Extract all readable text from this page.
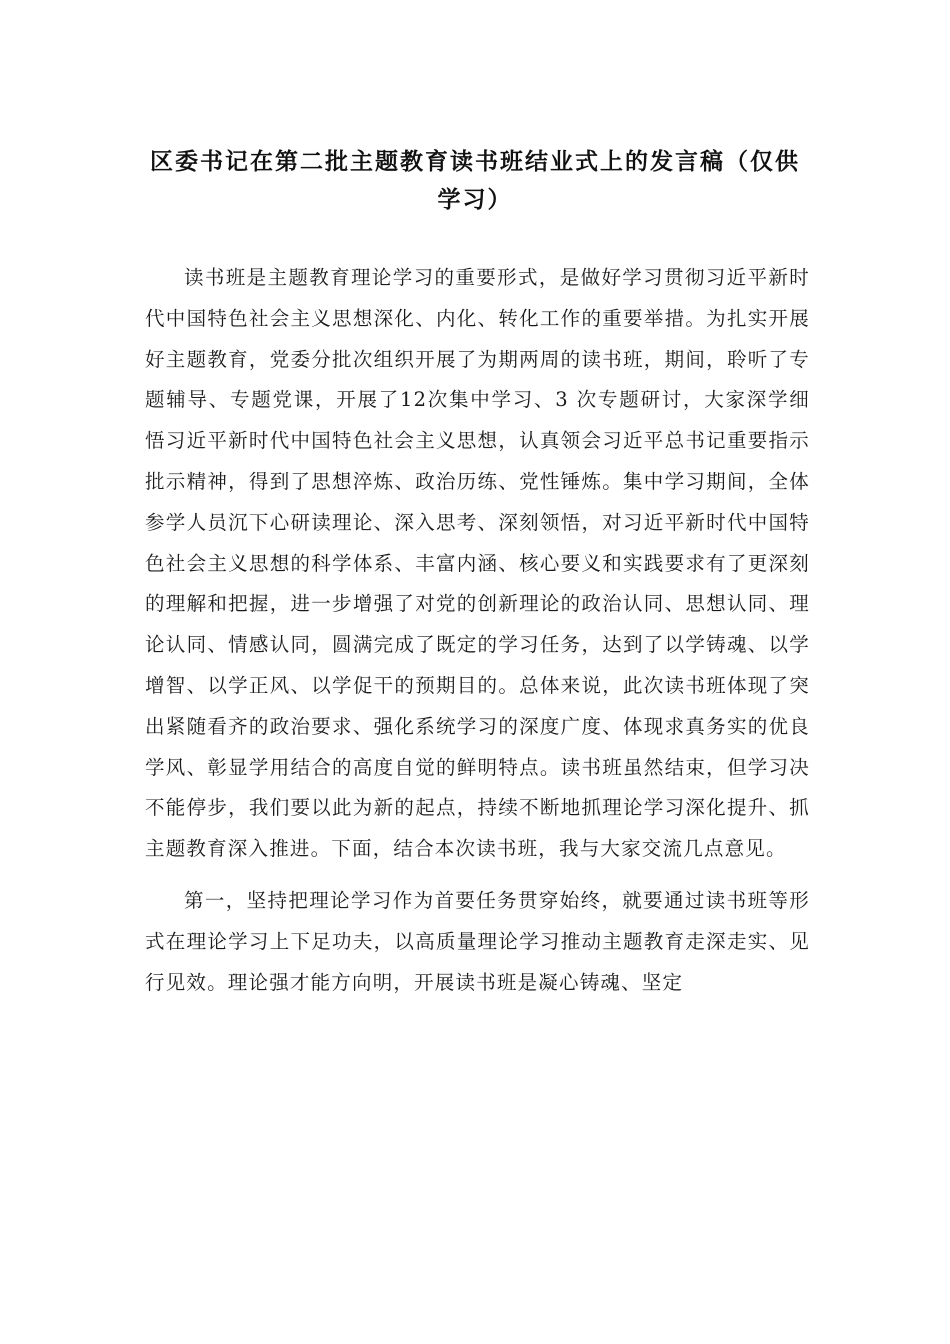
区委书记在第二批主题教育读书班结业式上的发言稿（仅供
学习）

读书班是主题教育理论学习的重要形式，是做好学习贯彻习近平新时代中国特色社会主义思想深化、内化、转化工作的重要举措。为扎实开展好主题教育，党委分批次组织开展了为期两周的读书班，期间，聆听了专题辅导、专题党课，开展了12次集中学习、3 次专题研讨，大家深学细悟习近平新时代中国特色社会主义思想，认真领会习近平总书记重要指示批示精神，得到了思想淬炼、政治历练、党性锤炼。集中学习期间，全体参学人员沉下心研读理论、深入思考、深刻领悟，对习近平新时代中国特色社会主义思想的科学体系、丰富内涵、核心要义和实践要求有了更深刻的理解和把握，进一步增强了对党的创新理论的政治认同、思想认同、理论认同、情感认同，圆满完成了既定的学习任务，达到了以学铸魂、以学增智、以学正风、以学促干的预期目的。总体来说，此次读书班体现了突出紧随看齐的政治要求、强化系统学习的深度广度、体现求真务实的优良学风、彰显学用结合的高度自觉的鲜明特点。读书班虽然结束，但学习决不能停步，我们要以此为新的起点，持续不断地抓理论学习深化提升、抓主题教育深入推进。下面，结合本次读书班，我与大家交流几点意见。

第一，坚持把理论学习作为首要任务贯穿始终，就要通过读书班等形式在理论学习上下足功夫，以高质量理论学习推动主题教育走深走实、见行见效。理论强才能方向明，开展读书班是凝心铸魂、坚定
